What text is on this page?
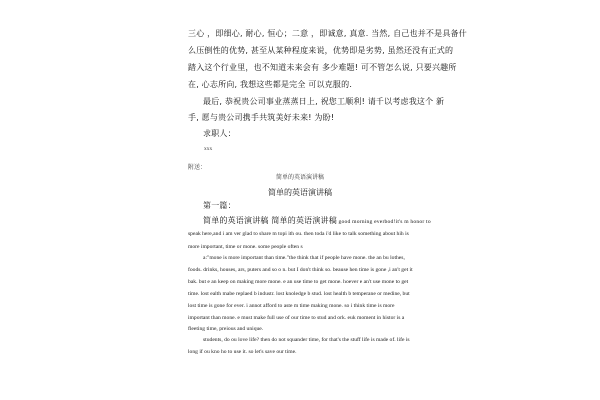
三心 ，即细心, 耐心, 恒心；二意 ，即诚意, 真意. 当然, 自己也并不是具备什
么压倒性的优势, 甚至从某种程度来说，优势即是劣势, 虽然还没有正式的
踏入这个行业里，也不知道未来会有 多少难题! 可不管怎么说, 只要兴趣所
在, 心志所向, 我想这些都是完全 可以克服的.
最后, 恭祝贵公司事业蒸蒸日上, 祝您工顺利! 请千以考虑我这个 新
手, 愿与贵公司携手共筑美好未来! 为盼!
求职人：
xxx
附送：
简单的英语演讲稿
简单的英语演讲稿
第一篇：
简单的英语演讲稿 简单的英语演讲稿 good morning everbod!it's m honor to
speak here,and i am ver glad to share m topi ith ou. then toda i'd like to talk something about hih is
more important, time or mone. some people often s
a:"mone is more important than time."the think that if people have mone. the an bu lothes,
foods. drinks, houses, ars, puters and so o n. but I don't think so. beause hen time is gone ,i an't get it
bak. but e an keep on making more mone. e an use time to get mone. hoever e an't use mone to get
time. lost ealth mabe replaed b industr. lost knoledge b stud. lost health b temperane or medine, but
lost time is gone for ever. i annot afford to aste m time making mone. so i think time is more
important than mone. e must make full use of our time to stud and ork. euk moment in histor is a
fleeting time, preious and unique.
students, do ou love life? then do not squander time, for that's the stuff life is made of. life is
long if ou kno ho to use it. so let's save our time.
